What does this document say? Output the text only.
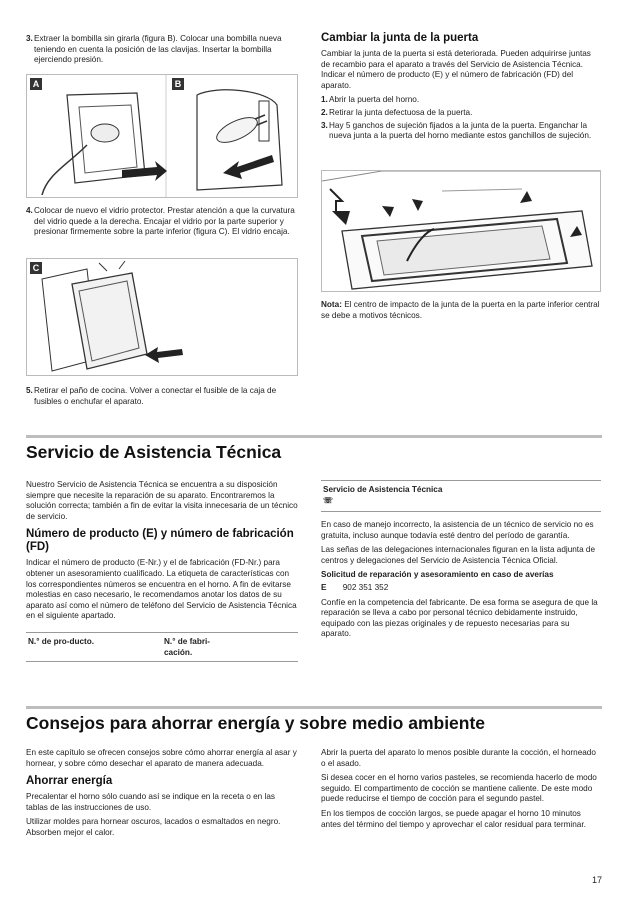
3. Extraer la bombilla sin girarla (figura B). Colocar una bombilla nueva teniendo en cuenta la posición de las clavijas. Insertar la bombilla ejerciendo presión.
A	B
4. Colocar de nuevo el vidrio protector. Prestar atención a que la curvatura del vidrio quede a la derecha. Encajar el vidrio por la parte superior y presionar firmemente sobre la parte inferior (figura C). El vidrio encaja.
C
5. Retirar el paño de cocina. Volver a conectar el fusible de la caja de fusibles o enchufar el aparato.
Cambiar la junta de la puerta
Cambiar la junta de la puerta si está deteriorada. Pueden adquirirse juntas de recambio para el aparato a través del Servicio de Asistencia Técnica. Indicar el número de producto (E) y el número de fabricación (FD) del aparato.
1. Abrir la puerta del horno.
2. Retirar la junta defectuosa de la puerta.
3. Hay 5 ganchos de sujeción fijados a la junta de la puerta. Enganchar la nueva junta a la puerta del horno mediante estos ganchillos de sujeción.
Nota: El centro de impacto de la junta de la puerta en la parte inferior central se debe a motivos técnicos.
Servicio de Asistencia Técnica
Nuestro Servicio de Asistencia Técnica se encuentra a su disposición siempre que necesite la reparación de su aparato. Encontraremos la solución correcta; también a fin de evitar la visita innecesaria de un técnico de servicio.
Número de producto (E) y número de fabricación (FD)
Indicar el número de producto (E-Nr.) y el de fabricación (FD-Nr.) para obtener un asesoramiento cualificado. La etiqueta de características con los correspondientes números se encuentra en el horno. A fin de evitarse molestias en caso necesario, le recomendamos anotar los datos de su aparato así como el número de teléfono del Servicio de Asistencia Técnica en el siguiente apartado.
N.° de pro-ducto.	N.° de fabri-cación.
Servicio de Asistencia Técnica ☏
En caso de manejo incorrecto, la asistencia de un técnico de servicio no es gratuita, incluso aunque todavía esté dentro del período de garantía.
Las señas de las delegaciones internacionales figuran en la lista adjunta de centros y delegaciones del Servicio de Asistencia Técnica Oficial.
Solicitud de reparación y asesoramiento en caso de averías
E 902 351 352
Confíe en la competencia del fabricante. De esa forma se asegura de que la reparación se lleva a cabo por personal técnico debidamente instruido, equipado con las piezas originales y de repuesto necesarias para su aparato.
Consejos para ahorrar energía y sobre medio ambiente
En este capítulo se ofrecen consejos sobre cómo ahorrar energía al asar y hornear, y sobre cómo desechar el aparato de manera adecuada.
Ahorrar energía
Precalentar el horno sólo cuando así se indique en la receta o en las tablas de las instrucciones de uso.
Utilizar moldes para hornear oscuros, lacados o esmaltados en negro. Absorben mejor el calor.
Abrir la puerta del aparato lo menos posible durante la cocción, el horneado o el asado.
Si desea cocer en el horno varios pasteles, se recomienda hacerlo de modo seguido. El compartimento de cocción se mantiene caliente. De este modo puede reducirse el tiempo de cocción para el segundo pastel.
En los tiempos de cocción largos, se puede apagar el horno 10 minutos antes del término del tiempo y aprovechar el calor residual para terminar.
17
